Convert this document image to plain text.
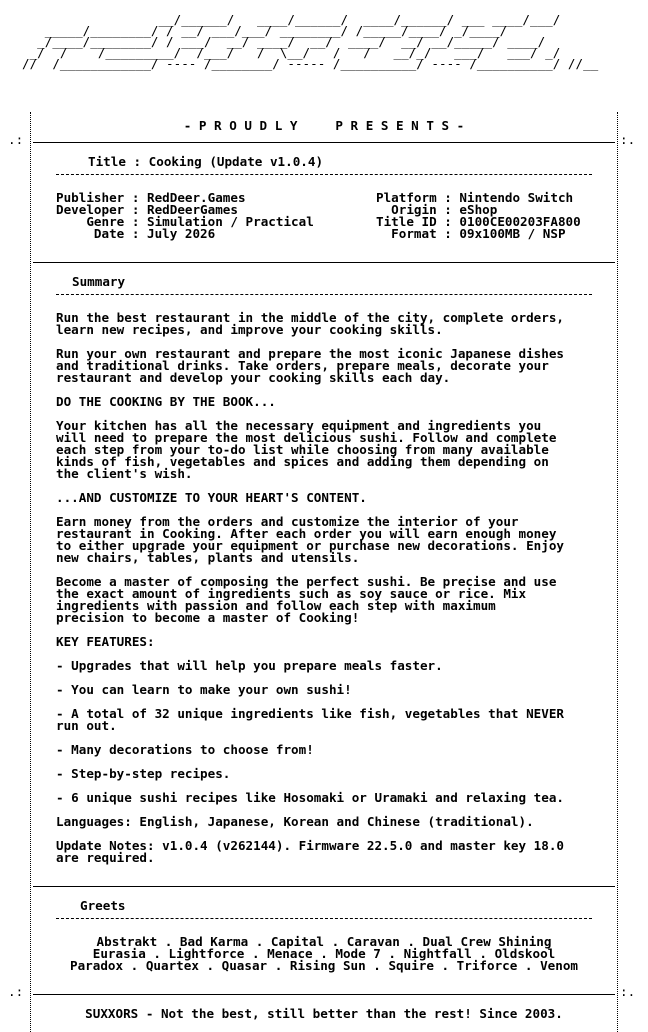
__/______/   ____/______/  ____/______/ ___ ____/___/
_____/________/ / __/ ___/___/ ________/ /_____/____/ _/____/
_/____/________/ / ___/  __/ ____/  __/  ____/  __/ __/_____/ ____/
_/  /    /_________/  /___/   /  \__/   /   /   __/_/   ___/   ___/ _/
//  /____________/ ---- /________/ ----- /__________/ ---- /__________/ //__
.:	:.
.:	:.
- P R O U D L Y     P R E S E N T S -
Title : Cooking (Update v1.0.4)
Publisher : RedDeer.Games
Developer : RedDeerGames
Genre : Simulation / Practical
Date : July 2026
Platform : Nintendo Switch
Origin : eShop
Title ID : 0100CE00203FA800
Format : 09x100MB / NSP
Summary
Run the best restaurant in the middle of the city, complete orders,
learn new recipes, and improve your cooking skills.
Run your own restaurant and prepare the most iconic Japanese dishes
and traditional drinks. Take orders, prepare meals, decorate your
restaurant and develop your cooking skills each day.
DO THE COOKING BY THE BOOK...
Your kitchen has all the necessary equipment and ingredients you
will need to prepare the most delicious sushi. Follow and complete
each step from your to-do list while choosing from many available
kinds of fish, vegetables and spices and adding them depending on
the client's wish.
...AND CUSTOMIZE TO YOUR HEART'S CONTENT.
Earn money from the orders and customize the interior of your
restaurant in Cooking. After each order you will earn enough money
to either upgrade your equipment or purchase new decorations. Enjoy
new chairs, tables, plants and utensils.
Become a master of composing the perfect sushi. Be precise and use
the exact amount of ingredients such as soy sauce or rice. Mix
ingredients with passion and follow each step with maximum
precision to become a master of Cooking!
KEY FEATURES:
- Upgrades that will help you prepare meals faster.
- You can learn to make your own sushi!
- A total of 32 unique ingredients like fish, vegetables that NEVER
run out.
- Many decorations to choose from!
- Step-by-step recipes.
- 6 unique sushi recipes like Hosomaki or Uramaki and relaxing tea.
Languages: English, Japanese, Korean and Chinese (traditional).
Update Notes: v1.0.4 (v262144). Firmware 22.5.0 and master key 18.0
are required.
Greets
Abstrakt . Bad Karma . Capital . Caravan . Dual Crew Shining
Eurasia . Lightforce . Menace . Mode 7 . Nightfall . Oldskool
Paradox . Quartex . Quasar . Rising Sun . Squire . Triforce . Venom
SUXXORS - Not the best, still better than the rest! Since 2003.
